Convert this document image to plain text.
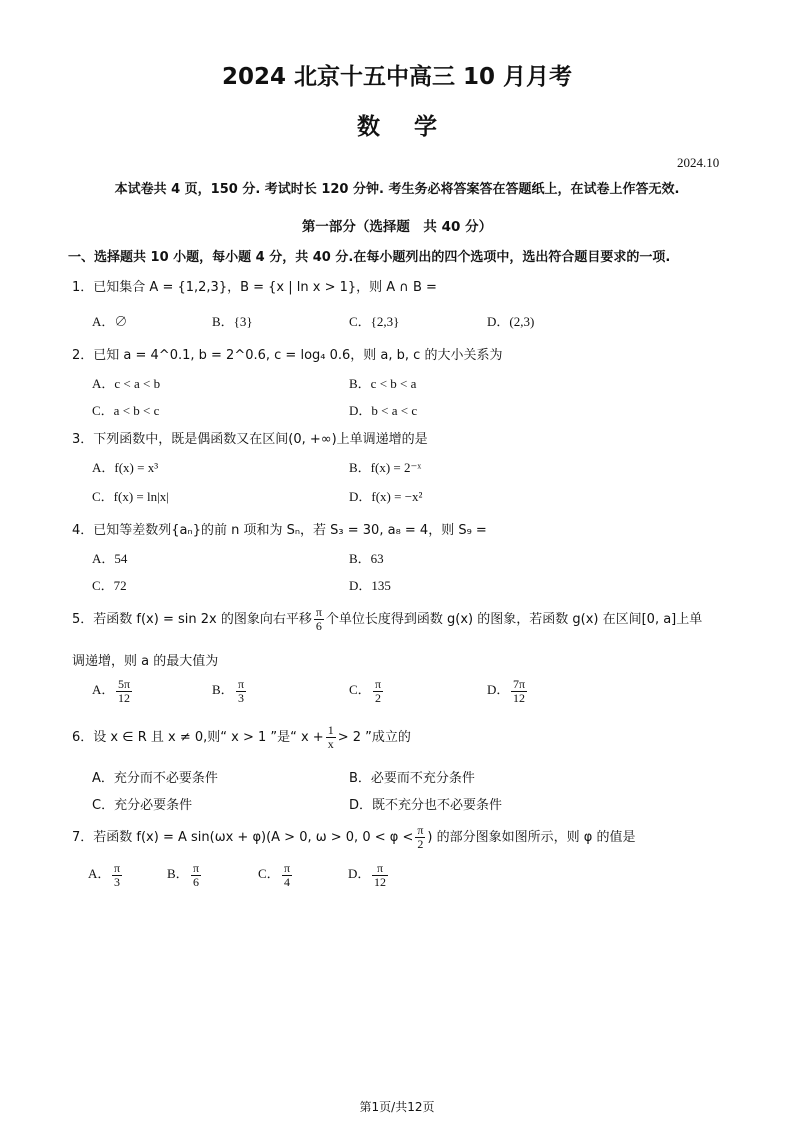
2024 北京十五中高三 10 月月考
数学
2024.10
本试卷共 4 页，150 分. 考试时长 120 分钟. 考生务必将答案答在答题纸上，在试卷上作答无效.
第一部分（选择题　共 40 分）
一、选择题共 10 小题，每小题 4 分，共 40 分.在每小题列出的四个选项中，选出符合题目要求的一项.
1．已知集合 A = {1,2,3}，B = {x | ln x > 1}，则 A ∩ B =
A．∅	B．{3}	C．{2,3}	D．(2,3)
2．已知 a = 4^0.1, b = 2^0.6, c = log₄ 0.6，则 a, b, c 的大小关系为
A．c < a < b	B．c < b < a
C．a < b < c	D．b < a < c
3．下列函数中，既是偶函数又在区间(0, +∞)上单调递增的是
A．f(x) = x³	B．f(x) = 2⁻ˣ
C．f(x) = ln|x|	D．f(x) = −x²
4．已知等差数列{aₙ}的前 n 项和为 Sₙ，若 S₃ = 30, a₈ = 4，则 S₉ =
A．54	B．63
C．72	D．135
5．若函数 f(x) = sin 2x 的图象向右平移 $\frac{\pi}{6}$ 个单位长度得到函数 g(x) 的图象，若函数 g(x) 在区间[0, a]上单
调递增，则 a 的最大值为
A． $\frac{5\pi}{12}$	B． $\frac{\pi}{3}$	C． $\frac{\pi}{2}$	D． $\frac{7\pi}{12}$
6．设 x ∈ R 且 x ≠ 0,则“ x > 1 ”是“ $x + \frac{1}{x} > 2$ ”成立的
A．充分而不必要条件	B．必要而不充分条件
C．充分必要条件	D．既不充分也不必要条件
7．若函数 f(x) = A sin(ωx + φ)(A > 0, ω > 0, $0 < \varphi < \frac{\pi}{2}$ ) 的部分图象如图所示，则 φ 的值是
A． $\frac{\pi}{3}$	B． $\frac{\pi}{6}$	C． $\frac{\pi}{4}$	D． $\frac{\pi}{12}$
第1页/共12页
